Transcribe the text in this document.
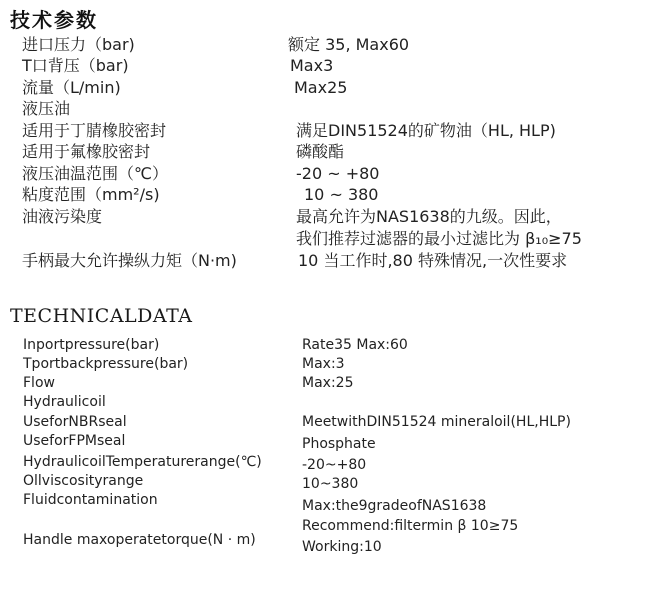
技术参数
进口压力（bar)	额定 35, Max60
T口背压（bar)	Max3
流量（L/min)	Max25
液压油
适用于丁腈橡胶密封	满足DIN51524的矿物油（HL, HLP)
适用于氟橡胶密封	磷酸酯
液压油温范围（℃）	-20 ~ +80
粘度范围（mm²/s)	10 ~ 380
油液污染度	最高允许为NAS1638的九级。因此，
我们推荐过滤器的最小过滤比为 β₁₀≥75
手柄最大允许操纵力矩（N·m)	10 当工作时,80 特殊情况,一次性要求
TECHNICALDATA
Inportpressure(bar)	Rate35 Max:60
Tportbackpressure(bar)	Max:3
Flow	Max:25
Hydraulicoil
UseforNBRseal	MeetwithDIN51524 mineraloil(HL,HLP)
UseforFPMseal	Phosphate
HydraulicoilTemperaturerange(℃)	-20~+80
Ollviscosityrange	10~380
Fluidcontamination	Max:the9gradeofNAS1638
Recommend:filtermin β 10≥75
Handle maxoperatetorque(N · m)	Working:10
